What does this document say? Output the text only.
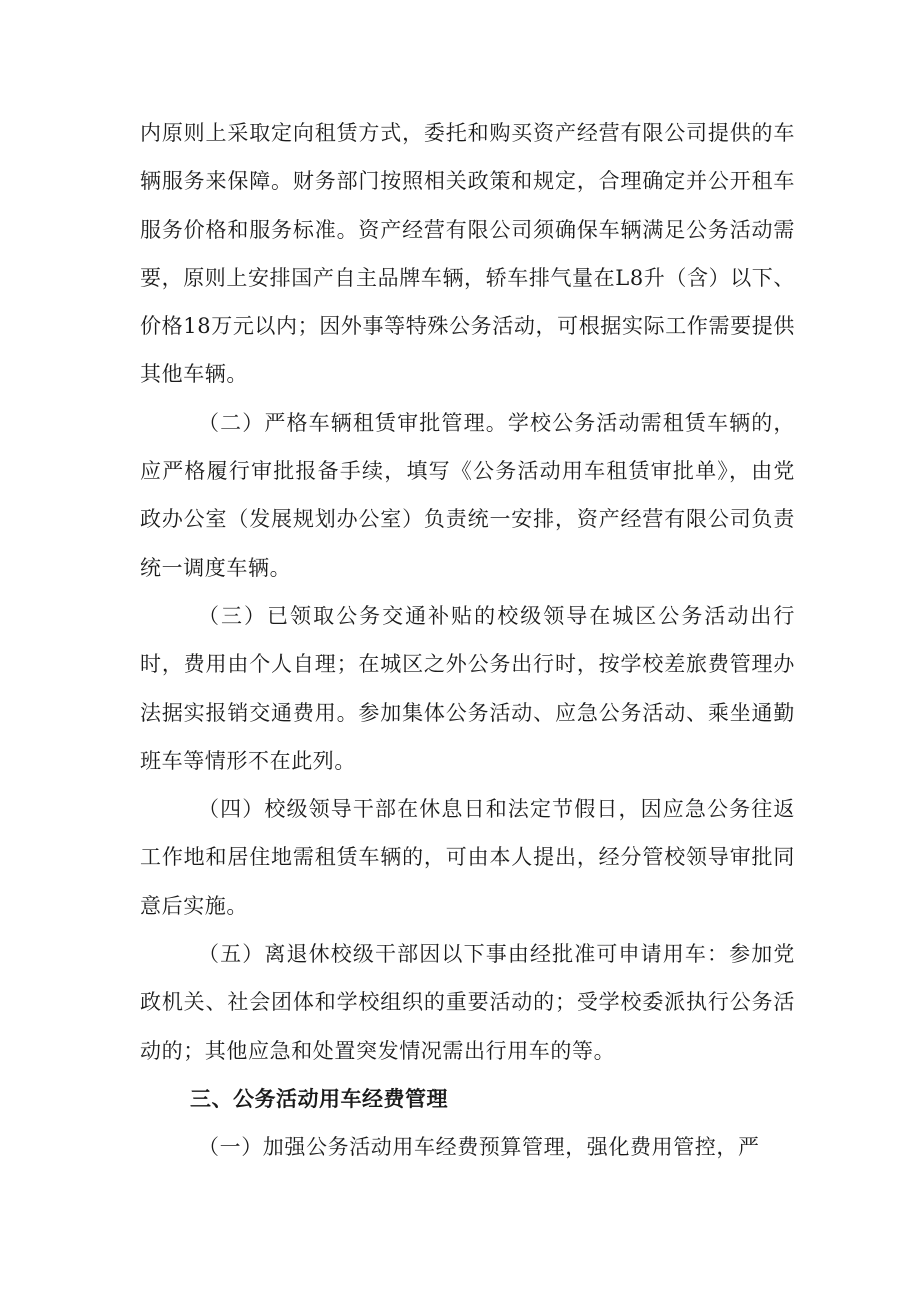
内原则上采取定向租赁方式，委托和购买资产经营有限公司提供的车辆服务来保障。财务部门按照相关政策和规定，合理确定并公开租车服务价格和服务标准。资产经营有限公司须确保车辆满足公务活动需要，原则上安排国产自主品牌车辆，轿车排气量在L8升（含）以下、价格18万元以内；因外事等特殊公务活动，可根据实际工作需要提供其他车辆。

（二）严格车辆租赁审批管理。学校公务活动需租赁车辆的，应严格履行审批报备手续，填写《公务活动用车租赁审批单》，由党政办公室（发展规划办公室）负责统一安排，资产经营有限公司负责统一调度车辆。

（三）已领取公务交通补贴的校级领导在城区公务活动出行时，费用由个人自理；在城区之外公务出行时，按学校差旅费管理办法据实报销交通费用。参加集体公务活动、应急公务活动、乘坐通勤班车等情形不在此列。

（四）校级领导干部在休息日和法定节假日，因应急公务往返工作地和居住地需租赁车辆的，可由本人提出，经分管校领导审批同意后实施。

（五）离退休校级干部因以下事由经批准可申请用车：参加党政机关、社会团体和学校组织的重要活动的；受学校委派执行公务活动的；其他应急和处置突发情况需出行用车的等。

三、公务活动用车经费管理

（一）加强公务活动用车经费预算管理，强化费用管控，严
